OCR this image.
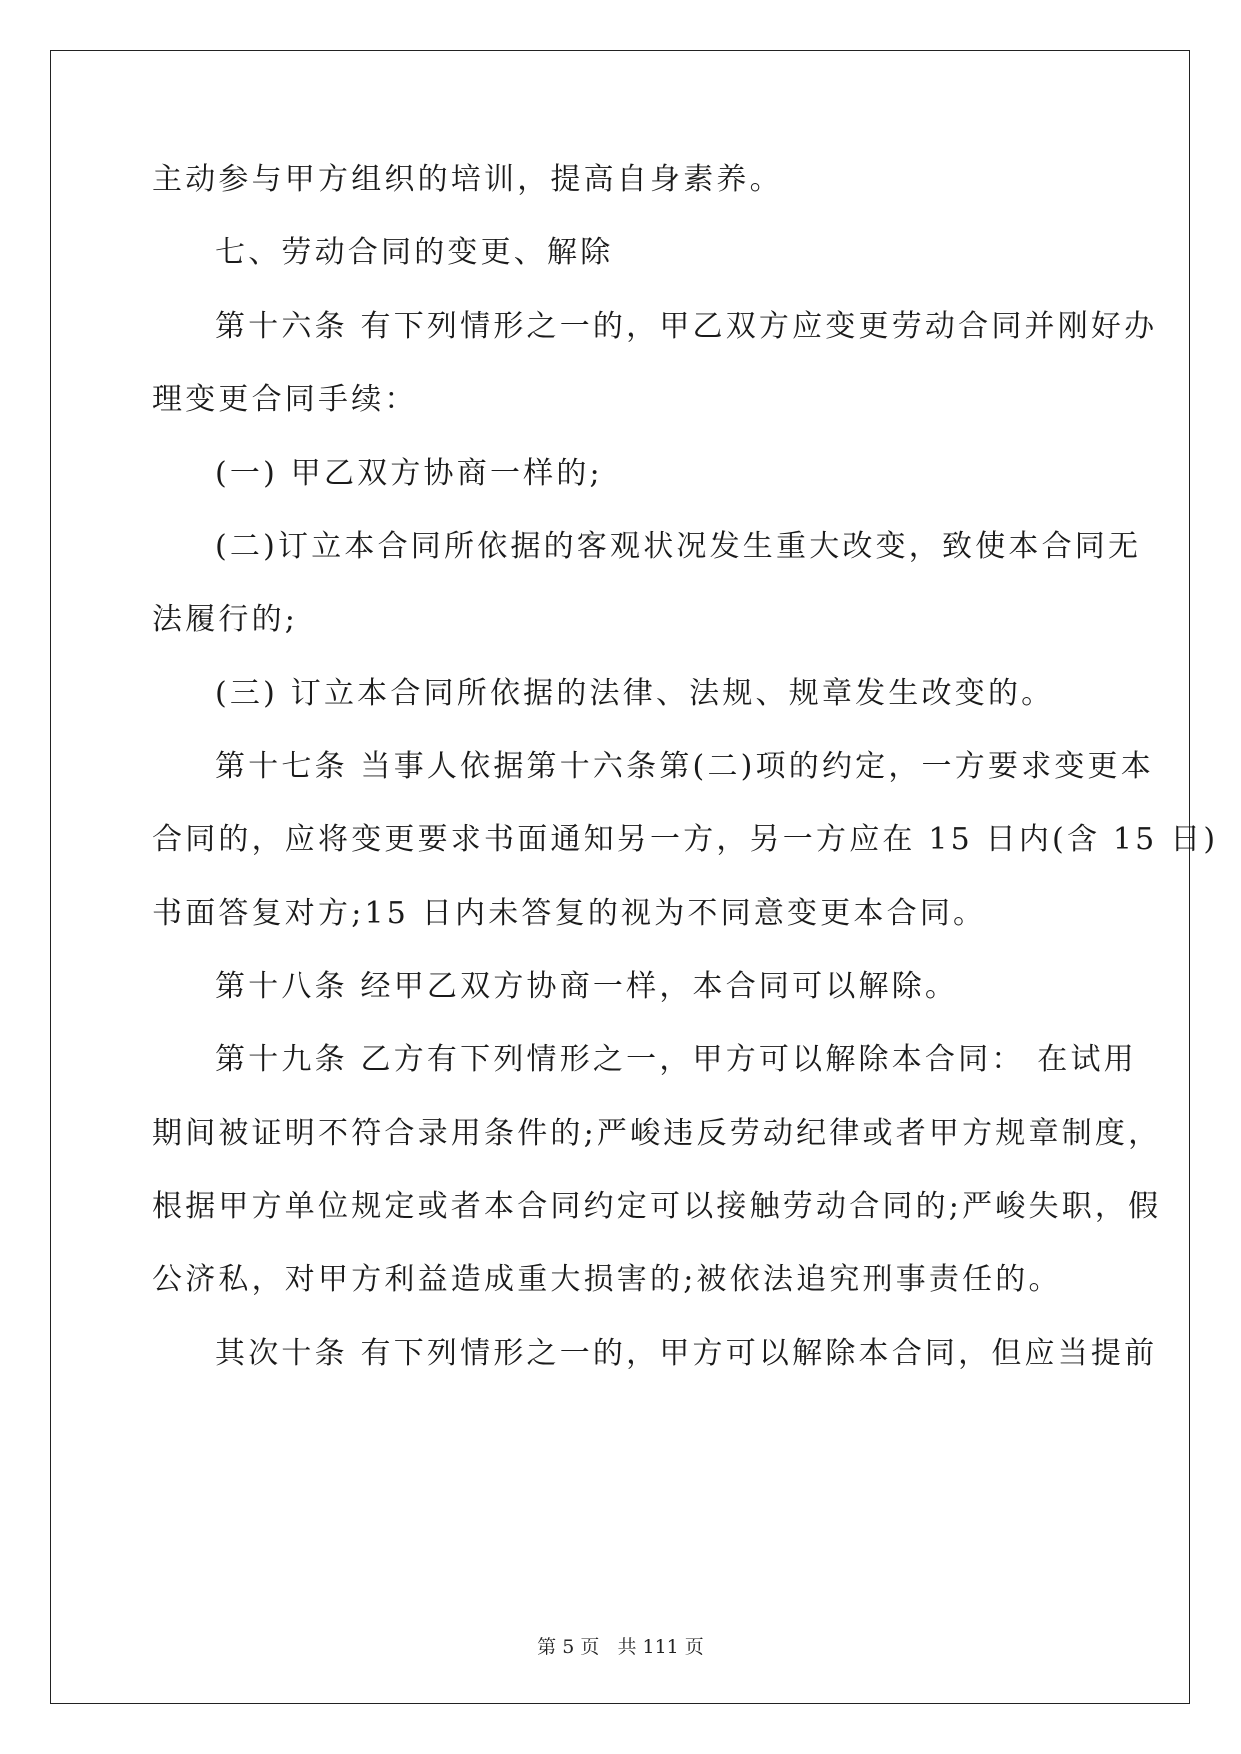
主动参与甲方组织的培训，提高自身素养。
七、劳动合同的变更、解除
第十六条 有下列情形之一的，甲乙双方应变更劳动合同并刚好办
理变更合同手续：
(一) 甲乙双方协商一样的;
(二)订立本合同所依据的客观状况发生重大改变，致使本合同无
法履行的;
(三) 订立本合同所依据的法律、法规、规章发生改变的。
第十七条 当事人依据第十六条第(二)项的约定，一方要求变更本
合同的，应将变更要求书面通知另一方，另一方应在 15 日内(含 15 日)
书面答复对方;15 日内未答复的视为不同意变更本合同。
第十八条 经甲乙双方协商一样，本合同可以解除。
第十九条 乙方有下列情形之一，甲方可以解除本合同： 在试用
期间被证明不符合录用条件的;严峻违反劳动纪律或者甲方规章制度，
根据甲方单位规定或者本合同约定可以接触劳动合同的;严峻失职，假
公济私，对甲方利益造成重大损害的;被依法追究刑事责任的。
其次十条 有下列情形之一的，甲方可以解除本合同，但应当提前
第 5 页   共 111 页
